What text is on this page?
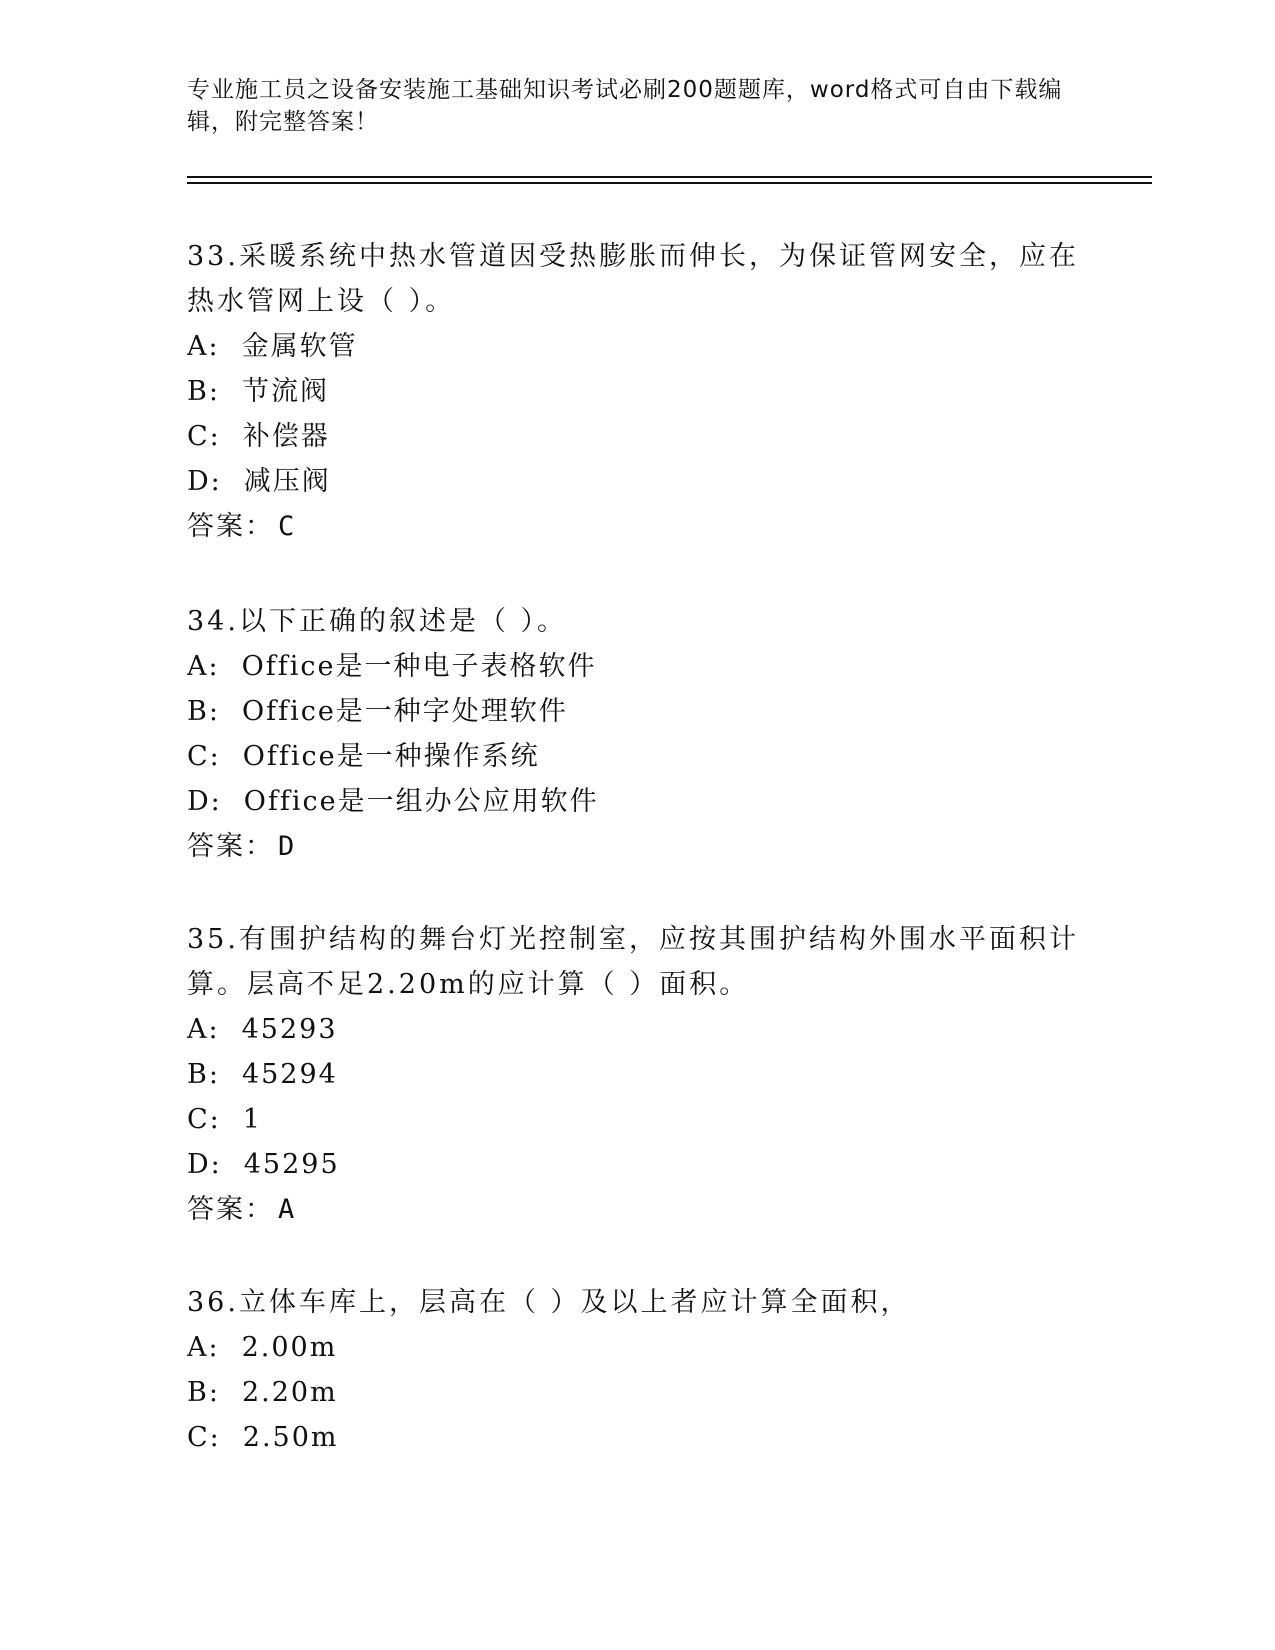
专业施工员之设备安装施工基础知识考试必刷200题题库，word格式可自由下载编辑，附完整答案！

33.采暖系统中热水管道因受热膨胀而伸长，为保证管网安全，应在热水管网上设（ ）。

A: 金属软管
B: 节流阀
C: 补偿器
D: 减压阀
答案： C

34.以下正确的叙述是（ ）。

A: Office是一种电子表格软件
B: Office是一种字处理软件
C: Office是一种操作系统
D: Office是一组办公应用软件
答案： D

35.有围护结构的舞台灯光控制室，应按其围护结构外围水平面积计算。层高不足2.20m的应计算（ ）面积。

A: 45293
B: 45294
C: 1
D: 45295
答案： A

36.立体车库上，层高在（ ）及以上者应计算全面积，

A: 2.00m
B: 2.20m
C: 2.50m
